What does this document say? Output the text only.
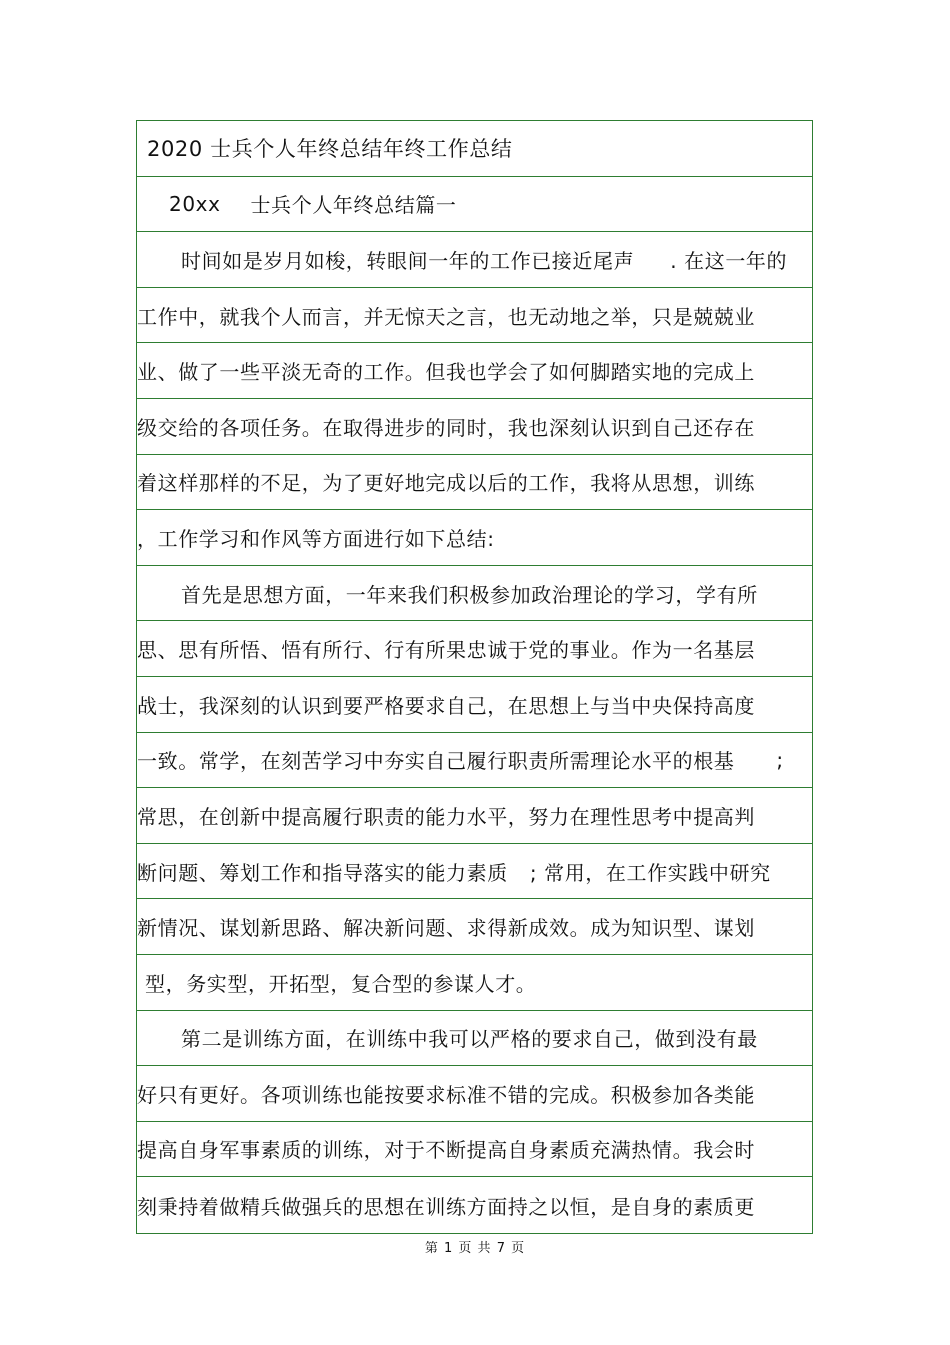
2020 士兵个人年终总结年终工作总结
20xx 士兵个人年终总结篇一
时间如是岁月如梭，转眼间一年的工作已接近尾声 . 在这一年的
工作中，就我个人而言，并无惊天之言，也无动地之举，只是兢兢业
业、做了一些平淡无奇的工作。但我也学会了如何脚踏实地的完成上
级交给的各项任务。在取得进步的同时，我也深刻认识到自己还存在
着这样那样的不足，为了更好地完成以后的工作，我将从思想，训练
，工作学习和作风等方面进行如下总结:
首先是思想方面，一年来我们积极参加政治理论的学习，学有所
思、思有所悟、悟有所行、行有所果忠诚于党的事业。作为一名基层
战士，我深刻的认识到要严格要求自己，在思想上与当中央保持高度
一致。常学，在刻苦学习中夯实自己履行职责所需理论水平的根基 ;
常思，在创新中提高履行职责的能力水平，努力在理性思考中提高判
断问题、筹划工作和指导落实的能力素质 ; 常用，在工作实践中研究
新情况、谋划新思路、解决新问题、求得新成效。成为知识型、谋划
型，务实型，开拓型，复合型的参谋人才。
第二是训练方面，在训练中我可以严格的要求自己，做到没有最
好只有更好。各项训练也能按要求标准不错的完成。积极参加各类能
提高自身军事素质的训练，对于不断提高自身素质充满热情。我会时
刻秉持着做精兵做强兵的思想在训练方面持之以恒，是自身的素质更
第 1 页 共 7 页
